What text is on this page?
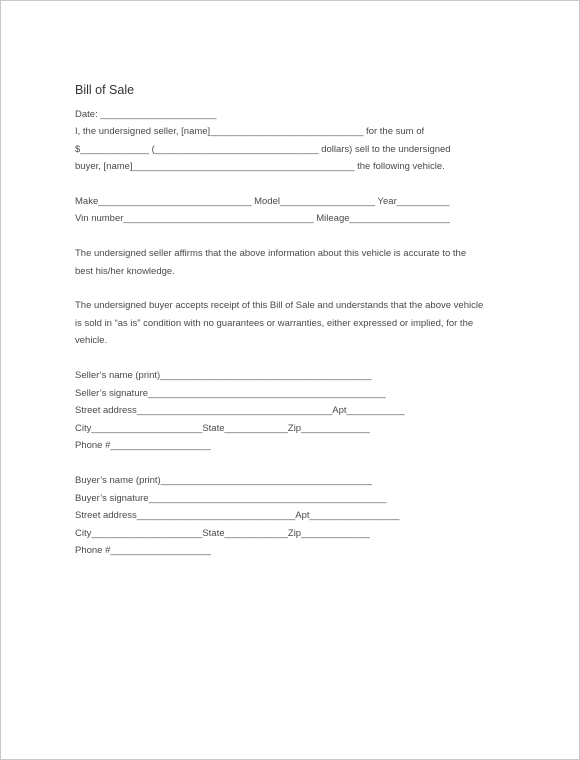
Bill of Sale
Date: ______________________
I, the undersigned seller, [name]_____________________________ for the sum of
$_____________ (_______________________________ dollars) sell to the undersigned
buyer, [name]__________________________________________ the following vehicle.
Make_____________________________ Model__________________ Year__________
Vin number____________________________________ Mileage___________________
The undersigned seller affirms that the above information about this vehicle is accurate to the
best his/her knowledge.
The undersigned buyer accepts receipt of this Bill of Sale and understands that the above vehicle
is sold in “as is” condition with no guarantees or warranties, either expressed or implied, for the
vehicle.
Seller’s name (print)________________________________________
Seller’s signature_____________________________________________
Street address_____________________________________Apt___________
City_____________________State____________Zip_____________
Phone #___________________
Buyer’s name (print)________________________________________
Buyer’s signature_____________________________________________
Street address______________________________Apt_________________
City_____________________State____________Zip_____________
Phone #___________________
